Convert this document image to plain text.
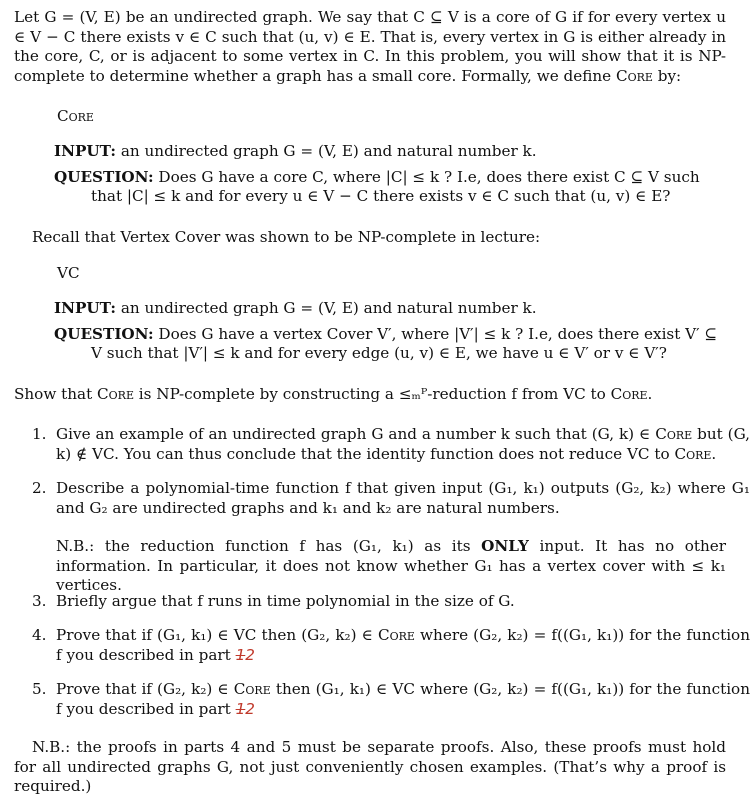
Let G = (V, E) be an undirected graph. We say that C ⊆ V is a core of G if for every vertex u ∈ V − C there exists v ∈ C such that (u, v) ∈ E. That is, every vertex in G is either already in the core, C, or is adjacent to some vertex in C. In this problem, you will show that it is NP-complete to determine whether a graph has a small core. Formally, we define Core by:
Core
INPUT: an undirected graph G = (V, E) and natural number k.
QUESTION: Does G have a core C, where |C| ≤ k ? I.e, does there exist C ⊆ V such that |C| ≤ k and for every u ∈ V − C there exists v ∈ C such that (u, v) ∈ E?
Recall that Vertex Cover was shown to be NP-complete in lecture:
VC
INPUT: an undirected graph G = (V, E) and natural number k.
QUESTION: Does G have a vertex Cover V′, where |V′| ≤ k ? I.e, does there exist V′ ⊆ V such that |V′| ≤ k and for every edge (u, v) ∈ E, we have u ∈ V′ or v ∈ V′?
Show that Core is NP-complete by constructing a ≤ₘᴾ-reduction f from VC to Core.
1. Give an example of an undirected graph G and a number k such that (G, k) ∈ Core but (G, k) ∉ VC. You can thus conclude that the identity function does not reduce VC to Core.
2. Describe a polynomial-time function f that given input (G₁, k₁) outputs (G₂, k₂) where G₁ and G₂ are undirected graphs and k₁ and k₂ are natural numbers.
N.B.: the reduction function f has (G₁, k₁) as its ONLY input. It has no other information. In particular, it does not know whether G₁ has a vertex cover with ≤ k₁ vertices.
3. Briefly argue that f runs in time polynomial in the size of G.
4. Prove that if (G₁, k₁) ∈ VC then (G₂, k₂) ∈ Core where (G₂, k₂) = f((G₁, k₁)) for the function f you described in part 12
5. Prove that if (G₂, k₂) ∈ Core then (G₁, k₁) ∈ VC where (G₂, k₂) = f((G₁, k₁)) for the function f you described in part 12
N.B.: the proofs in parts 4 and 5 must be separate proofs. Also, these proofs must hold for all undirected graphs G, not just conveniently chosen examples. (That’s why a proof is required.)
